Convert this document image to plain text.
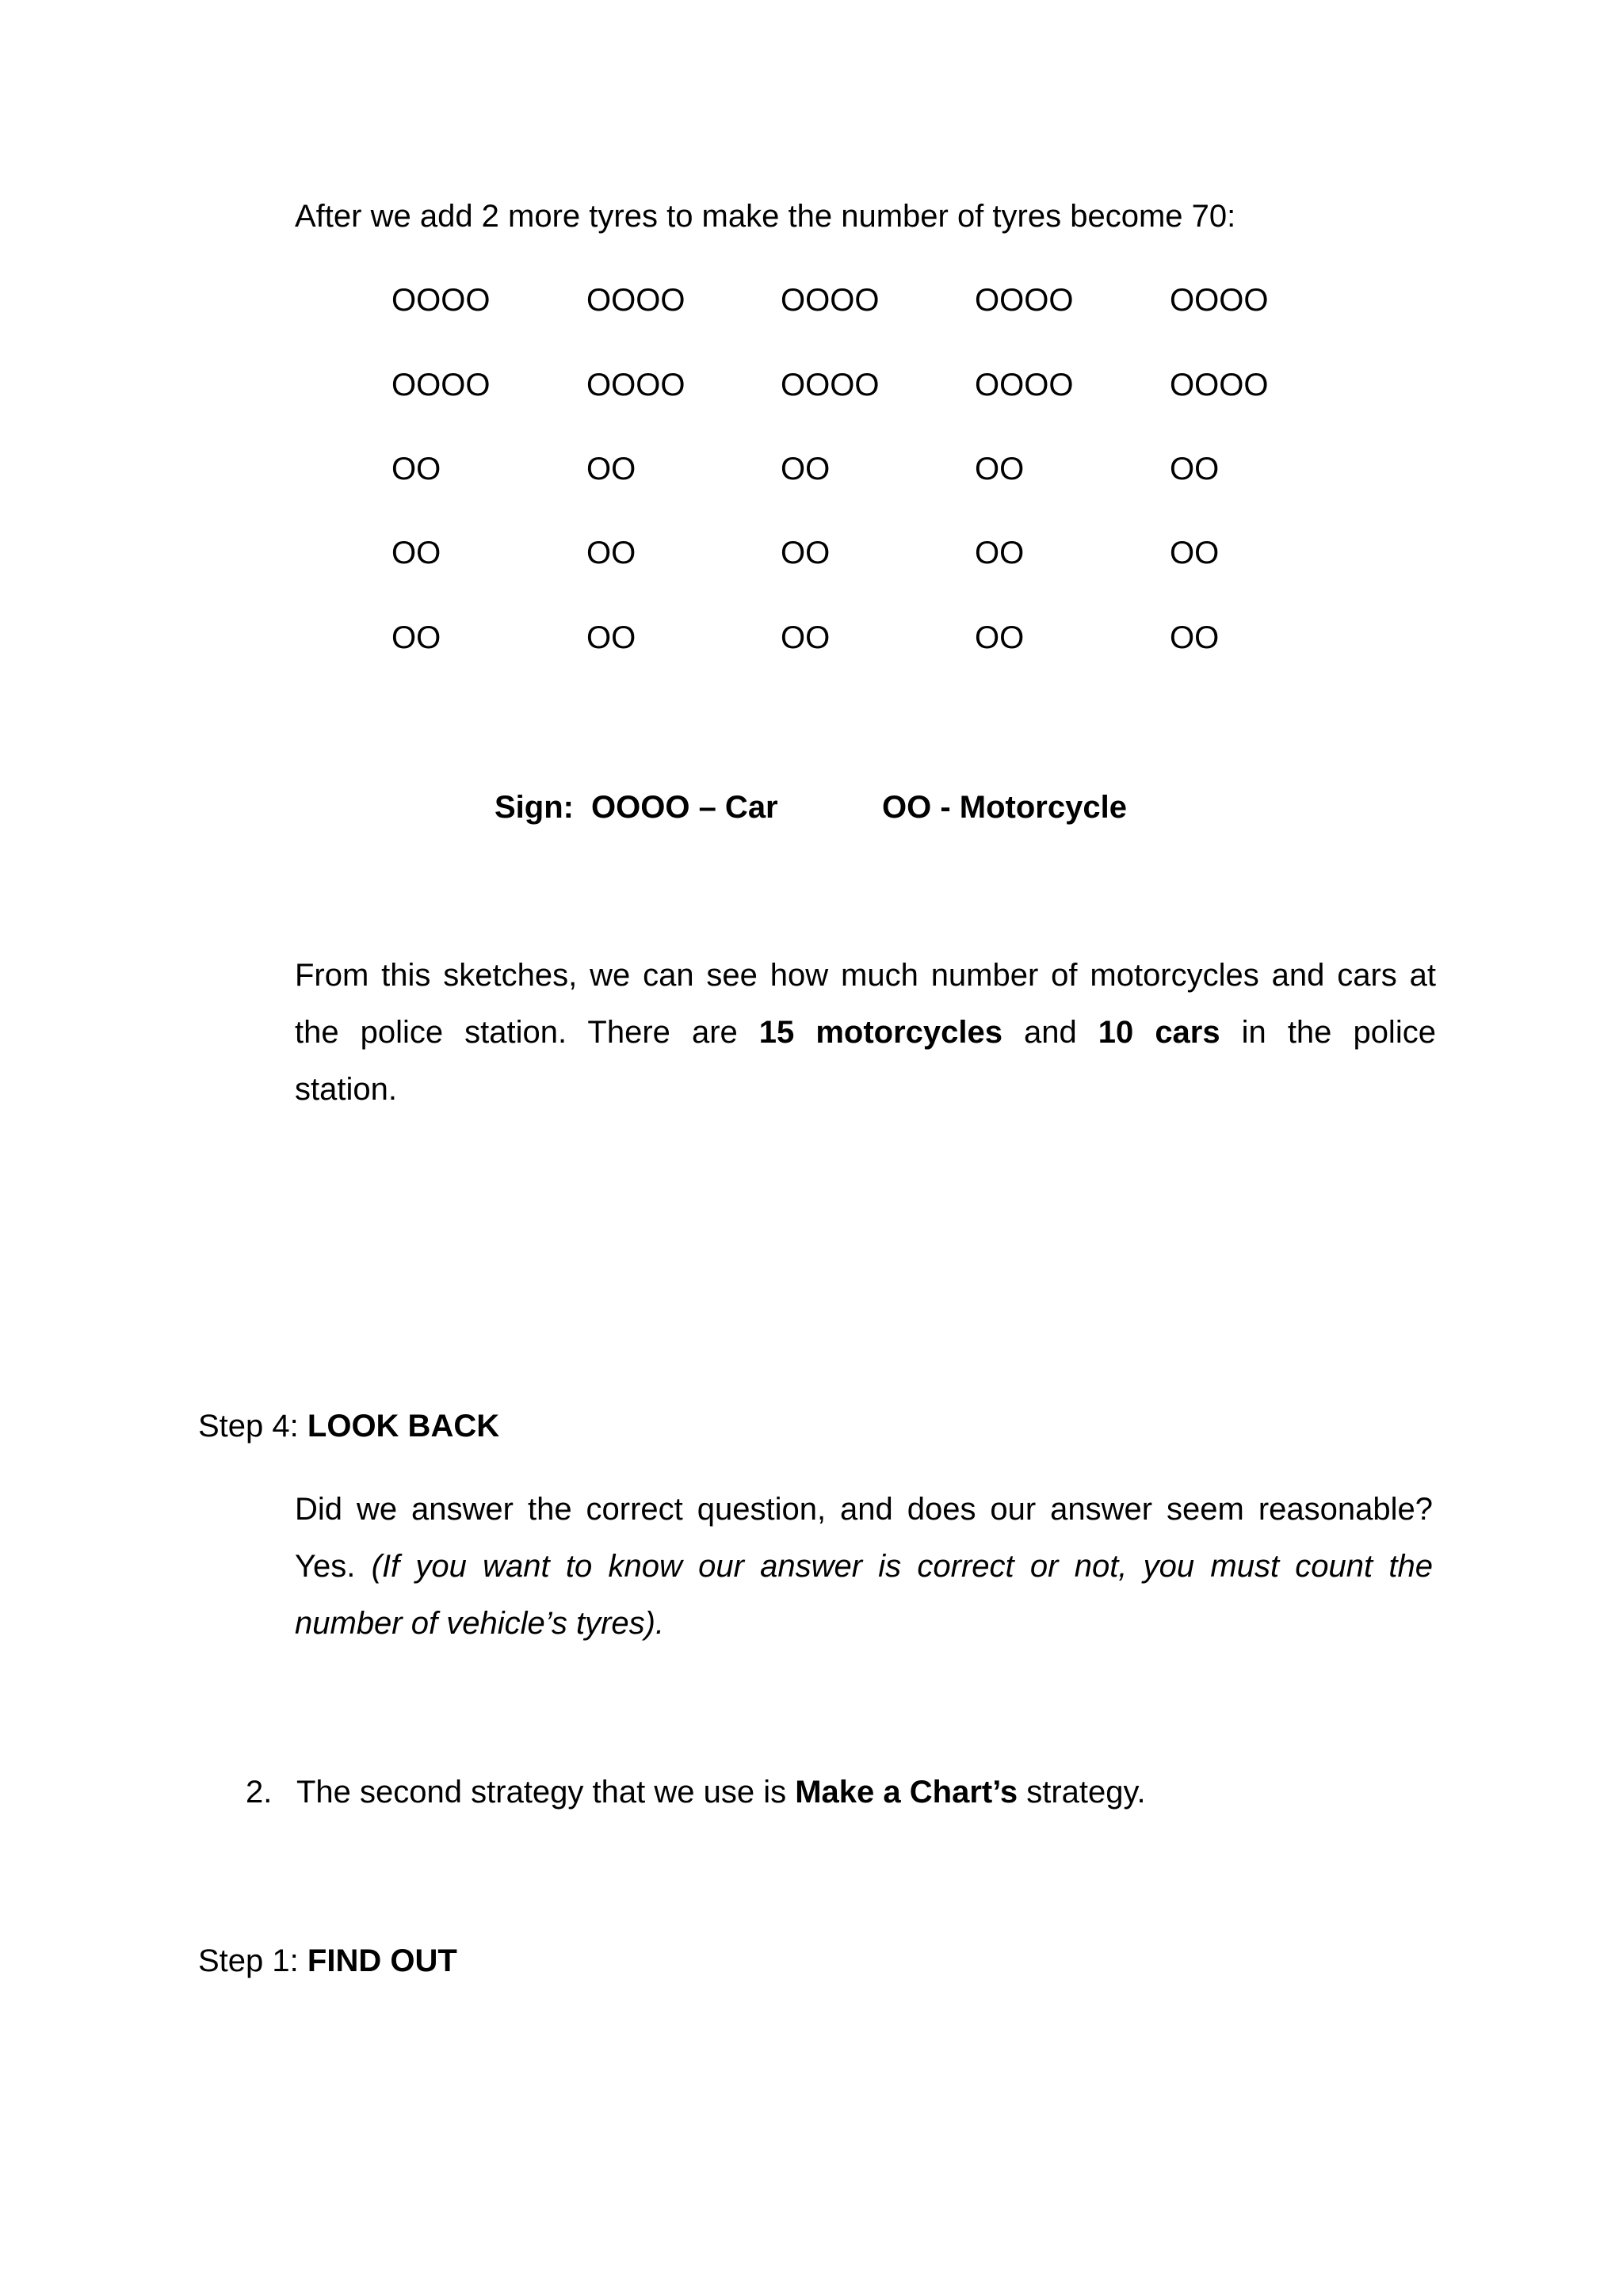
After we add 2 more tyres to make the number of tyres become 70:
OOOO	OOOO	OOOO	OOOO	OOOO
OOOO	OOOO	OOOO	OOOO	OOOO
OO	OO	OO	OO	OO
OO	OO	OO	OO	OO
OO	OO	OO	OO	OO
Sign: OOOO – Car	OO - Motorcycle
From this sketches, we can see how much number of motorcycles and cars at
the police station. There are 15 motorcycles and 10 cars in the police
station.
Step 4: LOOK BACK
Did we answer the correct question, and does our answer seem reasonable?
Yes. (If you want to know our answer is correct or not, you must count the
number of vehicle’s tyres).
2. The second strategy that we use is Make a Chart’s strategy.
Step 1: FIND OUT
